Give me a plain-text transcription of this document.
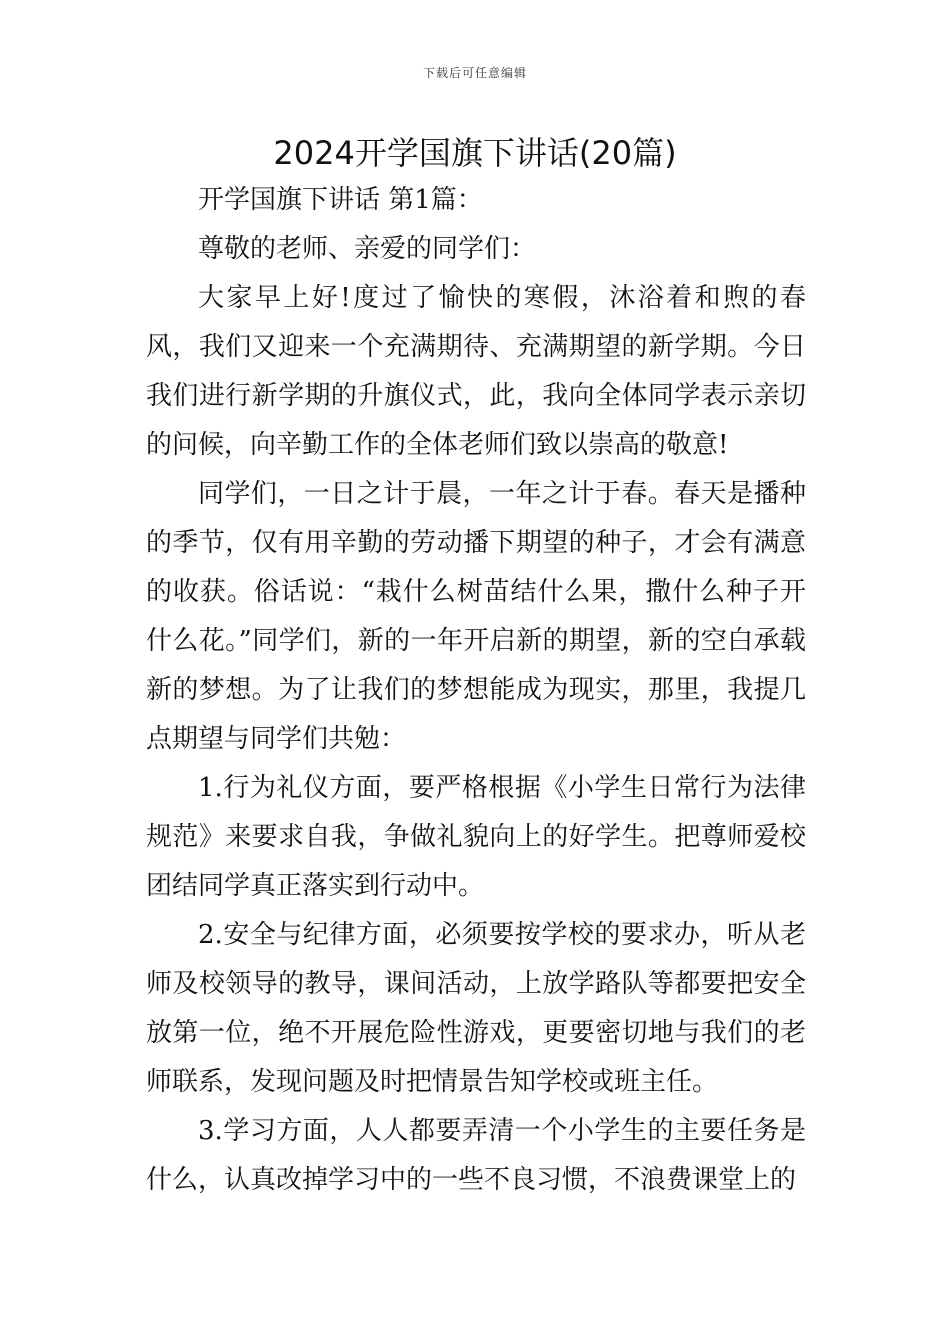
下载后可任意编辑
2024开学国旗下讲话(20篇)

开学国旗下讲话 第1篇：

尊敬的老师、亲爱的同学们：

大家早上好!度过了愉快的寒假，沐浴着和煦的春风，我们又迎来一个充满期待、充满期望的新学期。今日我们进行新学期的升旗仪式，此，我向全体同学表示亲切的问候，向辛勤工作的全体老师们致以崇高的敬意!

同学们，一日之计于晨，一年之计于春。春天是播种的季节，仅有用辛勤的劳动播下期望的种子，才会有满意的收获。俗话说：“栽什么树苗结什么果，撒什么种子开什么花。”同学们，新的一年开启新的期望，新的空白承载新的梦想。为了让我们的梦想能成为现实，那里，我提几点期望与同学们共勉：

1.行为礼仪方面，要严格根据《小学生日常行为法律规范》来要求自我，争做礼貌向上的好学生。把尊师爱校团结同学真正落实到行动中。

2.安全与纪律方面，必须要按学校的要求办，听从老师及校领导的教导，课间活动，上放学路队等都要把安全放第一位，绝不开展危险性游戏，更要密切地与我们的老师联系，发现问题及时把情景告知学校或班主任。

3.学习方面，人人都要弄清一个小学生的主要任务是什么，认真改掉学习中的一些不良习惯，不浪费课堂上的
